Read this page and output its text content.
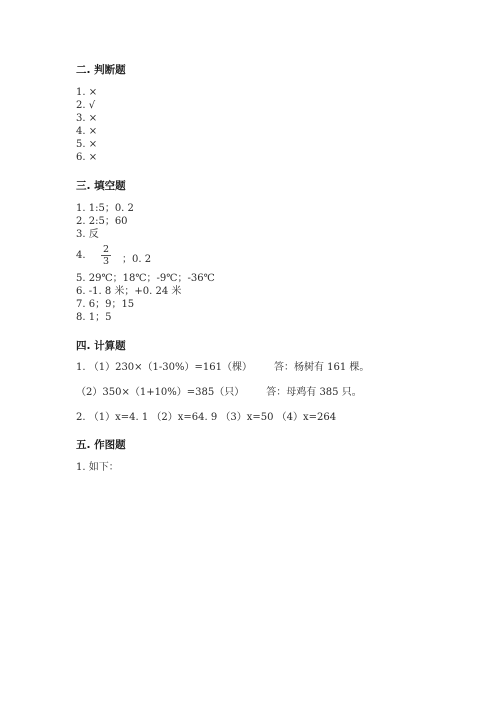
二. 判断题
1. ×
2. √
3. ×
4. ×
5. ×
6. ×
三. 填空题
1. 1:5；0. 2
2. 2:5；60
3. 反
4.
2
3 ；0. 2
5. 29℃；18℃；-9℃；-36℃
6. -1. 8 米；+0. 24 米
7. 6；9；15
8. 1；5
四. 计算题
1. （1）230×（1-30%）=161（棵） 答：杨树有 161 棵。
（2）350×（1+10%）=385（只） 答：母鸡有 385 只。
2. （1）x=4. 1 （2）x=64. 9 （3）x=50 （4）x=264
五. 作图题
1. 如下：
